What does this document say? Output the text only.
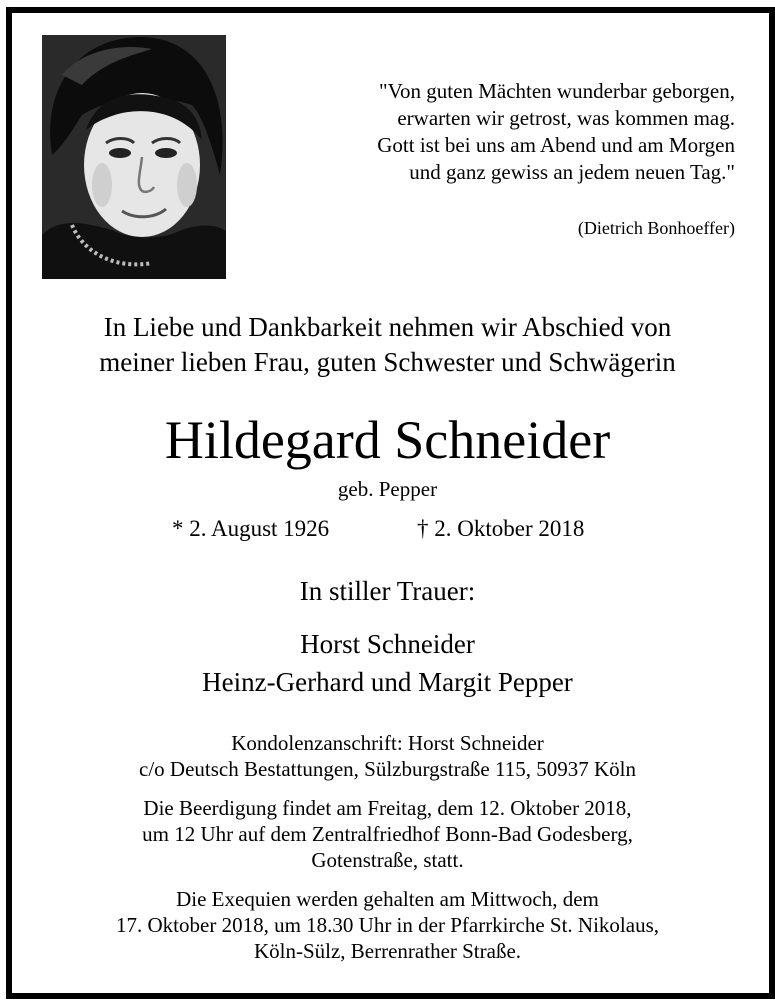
"Von guten Mächten wunderbar geborgen,
erwarten wir getrost, was kommen mag.
Gott ist bei uns am Abend und am Morgen
und ganz gewiss an jedem neuen Tag."
(Dietrich Bonhoeffer)
In Liebe und Dankbarkeit nehmen wir Abschied von
meiner lieben Frau, guten Schwester und Schwägerin
Hildegard Schneider
geb. Pepper
* 2. August 1926	† 2. Oktober 2018
In stiller Trauer:
Horst Schneider
Heinz-Gerhard und Margit Pepper
Kondolenzanschrift: Horst Schneider
c/o Deutsch Bestattungen, Sülzburgstraße 115, 50937 Köln
Die Beerdigung findet am Freitag, dem 12. Oktober 2018,
um 12 Uhr auf dem Zentralfriedhof Bonn-Bad Godesberg,
Gotenstraße, statt.
Die Exequien werden gehalten am Mittwoch, dem
17. Oktober 2018, um 18.30 Uhr in der Pfarrkirche St. Nikolaus,
Köln-Sülz, Berrenrather Straße.
